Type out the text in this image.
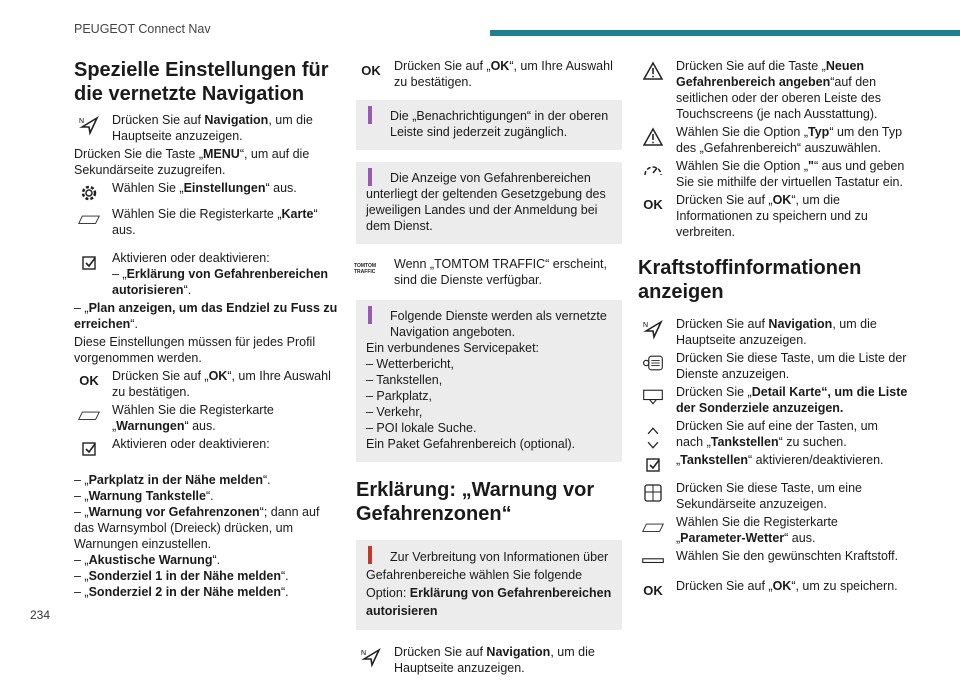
PEUGEOT Connect Nav
234
Spezielle Einstellungen für
die vernetzte Navigation
N Drücken Sie auf Navigation, um die Hauptseite anzuzeigen.
Drücken Sie die Taste „MENU“, um auf die Sekundärseite zuzugreifen.
Wählen Sie „Einstellungen“ aus.
Wählen Sie die Registerkarte „Karte“ aus.
Aktivieren oder deaktivieren:
– „Erklärung von Gefahrenbereichen autorisieren“.
– „Plan anzeigen, um das Endziel zu Fuss zu erreichen“.
Diese Einstellungen müssen für jedes Profil vorgenommen werden.
OK	Drücken Sie auf „OK“, um Ihre Auswahl zu bestätigen.
Wählen Sie die Registerkarte „Warnungen“ aus.
Aktivieren oder deaktivieren:
– „Parkplatz in der Nähe melden“.
– „Warnung Tankstelle“.
– „Warnung vor Gefahrenzonen“; dann auf das Warnsymbol (Dreieck) drücken, um Warnungen einzustellen.
– „Akustische Warnung“.
– „Sonderziel 1 in der Nähe melden“.
– „Sonderziel 2 in der Nähe melden“.
OK	Drücken Sie auf „OK“, um Ihre Auswahl zu bestätigen.
Die „Benachrichtigungen“ in der oberen Leiste sind jederzeit zugänglich.
Die Anzeige von Gefahrenbereichen unterliegt der geltenden Gesetzgebung des jeweiligen Landes und der Anmeldung bei dem Dienst.
TOMTOM TRAFFIC
Wenn „TOMTOM TRAFFIC“ erscheint, sind die Dienste verfügbar.
Folgende Dienste werden als vernetzte Navigation angeboten.
Ein verbundenes Servicepaket:
– Wetterbericht,
– Tankstellen,
– Parkplatz,
– Verkehr,
– POI lokale Suche.
Ein Paket Gefahrenbereich (optional).
Erklärung: „Warnung vor
Gefahrenzonen“
Zur Verbreitung von Informationen über Gefahrenbereiche wählen Sie folgende Option: Erklärung von Gefahrenbereichen autorisieren
N Drücken Sie auf Navigation, um die Hauptseite anzuzeigen.
Drücken Sie auf die Taste „Neuen Gefahrenbereich angeben“auf den seitlichen oder der oberen Leiste des Touchscreens (je nach Ausstattung).
Wählen Sie die Option „Typ“ um den Typ des „Gefahrenbereich“ auszuwählen.
Wählen Sie die Option „"“ aus und geben Sie sie mithilfe der virtuellen Tastatur ein.
OK	Drücken Sie auf „OK“, um die Informationen zu speichern und zu verbreiten.
Kraftstoffinformationen
anzeigen
N Drücken Sie auf Navigation, um die Hauptseite anzuzeigen.
Drücken Sie diese Taste, um die Liste der Dienste anzuzeigen.
Drücken Sie „Detail Karte“, um die Liste der Sonderziele anzuzeigen.
Drücken Sie auf eine der Tasten, um nach „Tankstellen“ zu suchen.
„Tankstellen“ aktivieren/deaktivieren.
Drücken Sie diese Taste, um eine Sekundärseite anzuzeigen.
Wählen Sie die Registerkarte „Parameter-Wetter“ aus.
Wählen Sie den gewünschten Kraftstoff.
OK	Drücken Sie auf „OK“, um zu speichern.
